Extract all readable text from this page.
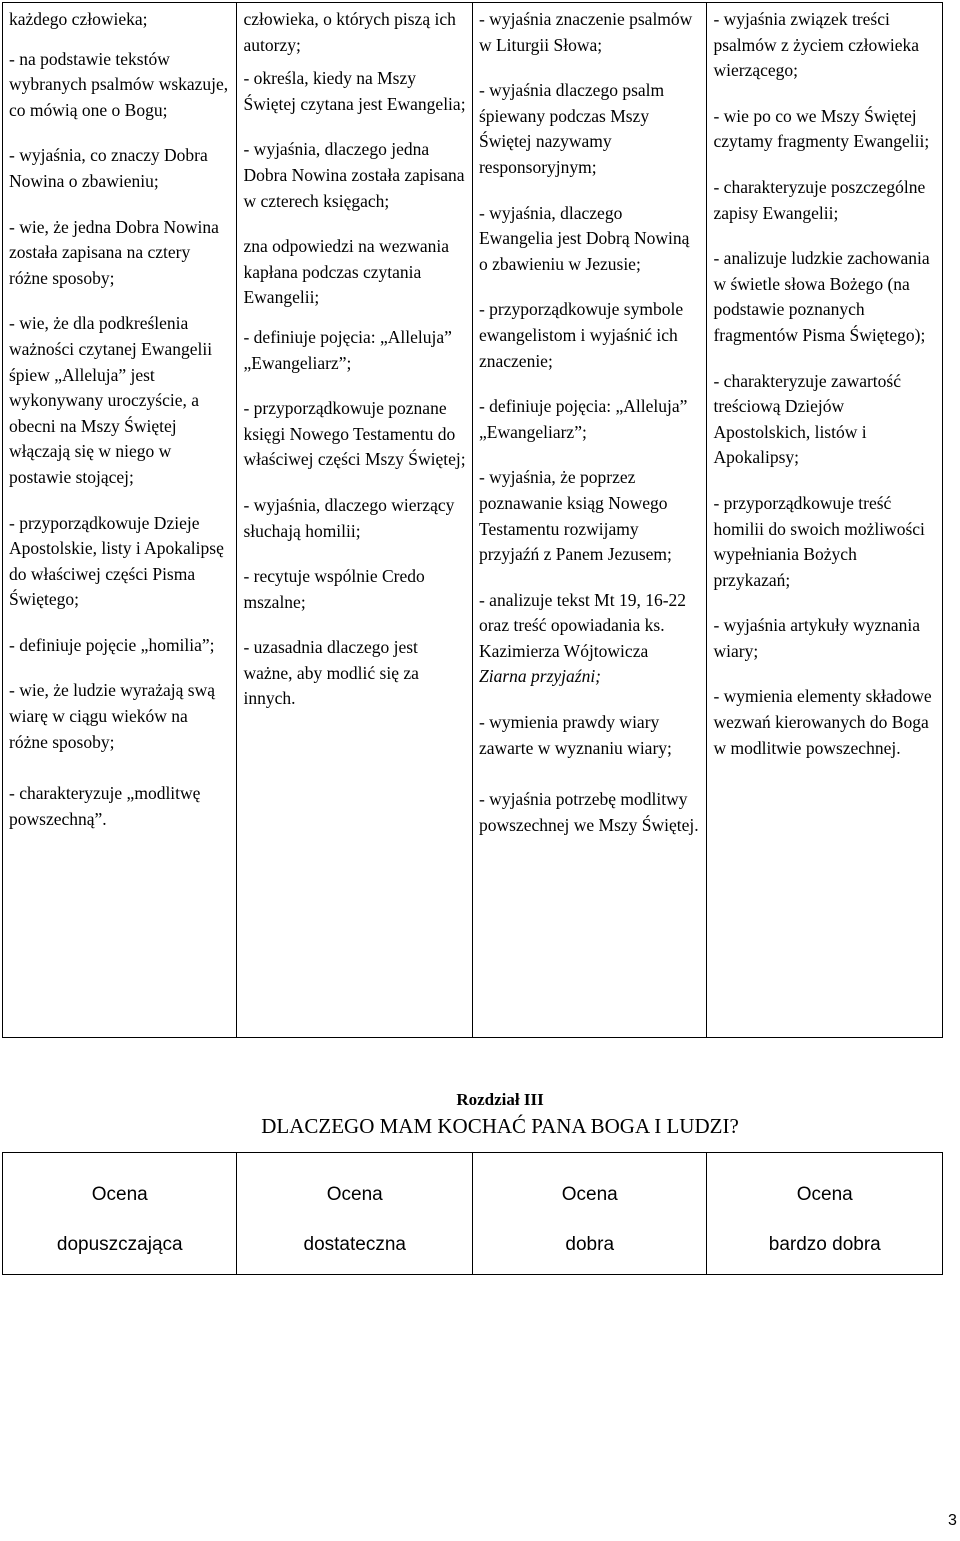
każdego człowieka;
- na podstawie tekstów wybranych psalmów wskazuje, co mówią one o Bogu;
- wyjaśnia, co znaczy Dobra Nowina o zbawieniu;
- wie, że jedna Dobra Nowina została zapisana na cztery różne sposoby;
- wie, że dla podkreślenia ważności czytanej Ewangelii śpiew „Alleluja” jest wykonywany uroczyście, a obecni na Mszy Świętej włączają się w niego w postawie stojącej;
- przyporządkowuje Dzieje Apostolskie, listy i Apokalipsę do właściwej części Pisma Świętego;
- definiuje pojęcie „homilia”;
- wie, że ludzie wyrażają swą wiarę w ciągu wieków na różne sposoby;
- charakteryzuje „modlitwę powszechną”.

człowieka, o których piszą ich autorzy;
- określa, kiedy na Mszy Świętej czytana jest Ewangelia;
- wyjaśnia, dlaczego jedna Dobra Nowina została zapisana w czterech księgach;
zna odpowiedzi na wezwania kapłana podczas czytania Ewangelii;
- definiuje pojęcia: „Alleluja” „Ewangeliarz”;
- przyporządkowuje poznane księgi Nowego Testamentu do właściwej części Mszy Świętej;
- wyjaśnia, dlaczego wierzący słuchają homilii;
- recytuje wspólnie Credo mszalne;
- uzasadnia dlaczego jest ważne, aby modlić się za innych.

- wyjaśnia znaczenie psalmów w Liturgii Słowa;
- wyjaśnia dlaczego psalm śpiewany podczas Mszy Świętej nazywamy responsoryjnym;
- wyjaśnia, dlaczego Ewangelia jest Dobrą Nowiną o zbawieniu w Jezusie;
- przyporządkowuje symbole ewangelistom i wyjaśnić ich znaczenie;
- definiuje pojęcia: „Alleluja” „Ewangeliarz”;
- wyjaśnia, że poprzez poznawanie ksiąg Nowego Testamentu rozwijamy przyjaźń z Panem Jezusem;
- analizuje tekst Mt 19, 16-22 oraz treść opowiadania ks. Kazimierza Wójtowicza
Ziarna przyjaźni;
- wymienia prawdy wiary zawarte w wyznaniu wiary;
- wyjaśnia potrzebę modlitwy powszechnej we Mszy Świętej.

- wyjaśnia związek treści psalmów z życiem człowieka wierzącego;
- wie po co we Mszy Świętej czytamy fragmenty Ewangelii;
- charakteryzuje poszczególne zapisy Ewangelii;
- analizuje ludzkie zachowania w świetle słowa Bożego (na podstawie poznanych fragmentów Pisma Świętego);
- charakteryzuje zawartość treściową Dziejów Apostolskich, listów i Apokalipsy;
- przyporządkowuje treść homilii do swoich możliwości wypełniania Bożych przykazań;
- wyjaśnia artykuły wyznania wiary;
- wymienia elementy składowe wezwań kierowanych do Boga w modlitwie powszechnej.
Rozdział III
DLACZEGO MAM KOCHAĆ PANA BOGA I LUDZI?
Ocena
dopuszczająca

Ocena
dostateczna

Ocena
dobra

Ocena
bardzo dobra
3
